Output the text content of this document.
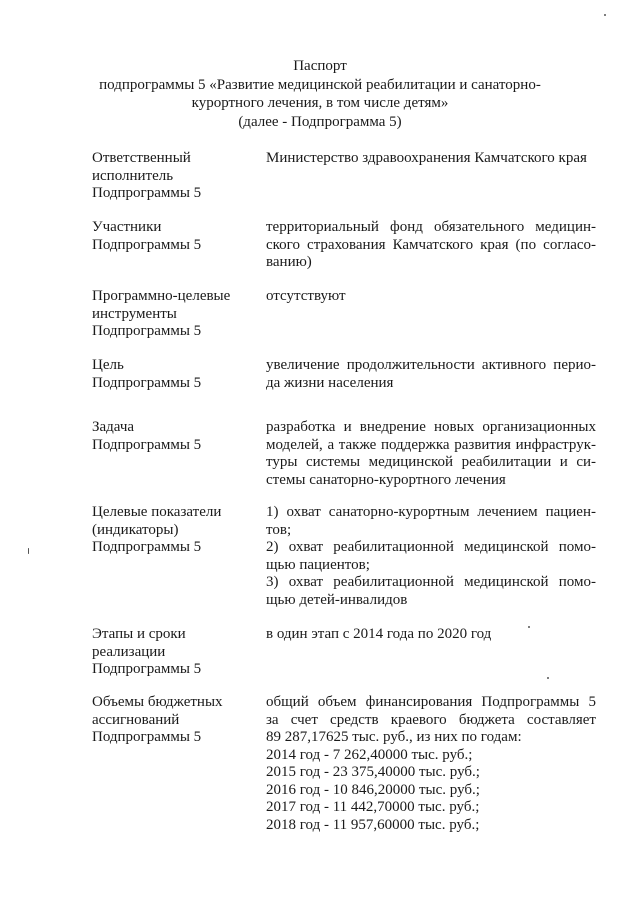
Паспорт
подпрограммы 5 «Развитие медицинской реабилитации и санаторно-
курортного лечения, в том числе детям»
(далее - Подпрограмма 5)
Ответственный
исполнитель
Подпрограммы 5
Министерство здравоохранения Камчатского края
Участники
Подпрограммы 5
территориальный фонд обязательного медицин-
ского страхования Камчатского края (по согласо-
ванию)
Программно-целевые
инструменты
Подпрограммы 5
отсутствуют
Цель
Подпрограммы 5
увеличение продолжительности активного перио-
да жизни населения
Задача
Подпрограммы 5
разработка и внедрение новых организационных
моделей, а также поддержка развития инфраструк-
туры системы медицинской реабилитации и си-
стемы санаторно-курортного лечения
Целевые показатели
(индикаторы)
Подпрограммы 5
1) охват санаторно-курортным лечением пациен-
тов;
2) охват реабилитационной медицинской помо-
щью пациентов;
3) охват реабилитационной медицинской помо-
щью детей-инвалидов
Этапы и сроки
реализации
Подпрограммы 5
в один этап с 2014 года по 2020 год
Объемы бюджетных
ассигнований
Подпрограммы 5
общий объем финансирования Подпрограммы 5
за счет средств краевого бюджета составляет
89 287,17625 тыс. руб., из них по годам:
2014 год - 7 262,40000 тыс. руб.;
2015 год - 23 375,40000 тыс. руб.;
2016 год - 10 846,20000 тыс. руб.;
2017 год - 11 442,70000 тыс. руб.;
2018 год - 11 957,60000 тыс. руб.;
